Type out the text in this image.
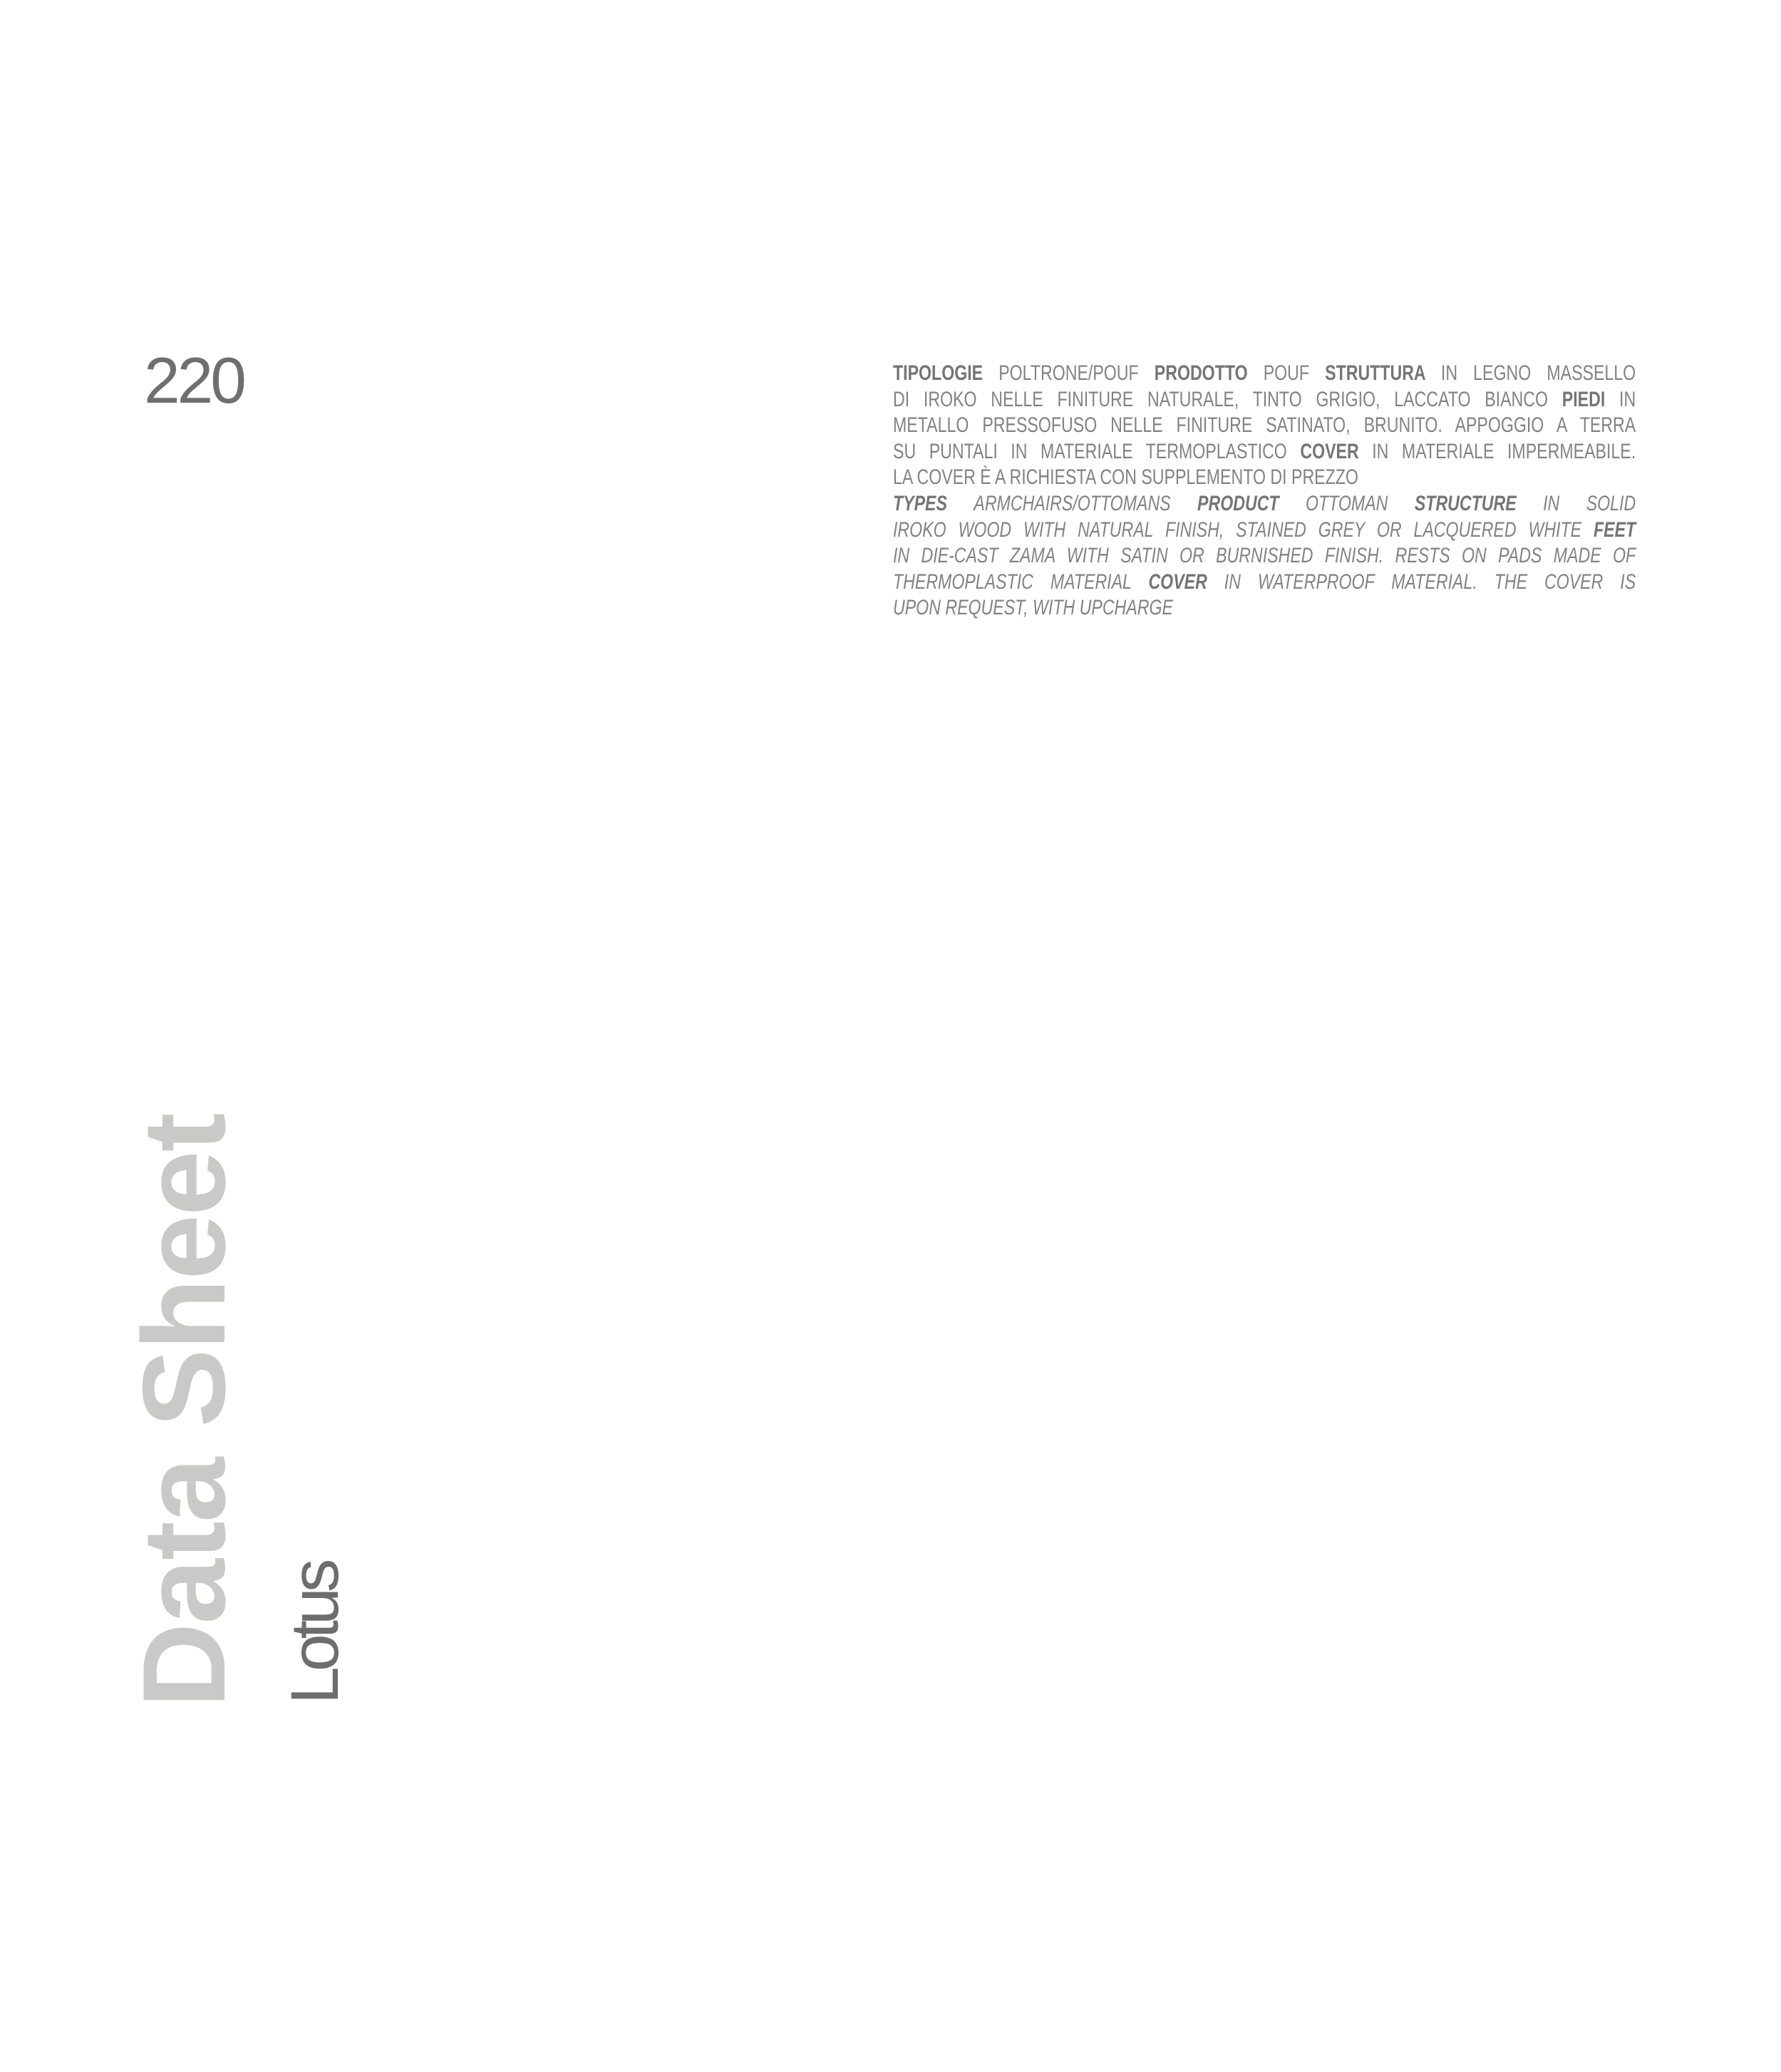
220	TIPOLOGIE POLTRONE/POUF PRODOTTO POUF STRUTTURA IN LEGNO MASSELLO
DI IROKO NELLE FINITURE NATURALE, TINTO GRIGIO, LACCATO BIANCO PIEDI IN
METALLO PRESSOFUSO NELLE FINITURE SATINATO, BRUNITO. APPOGGIO A TERRA
SU PUNTALI IN MATERIALE TERMOPLASTICO COVER IN MATERIALE IMPERMEABILE.
LA COVER È A RICHIESTA CON SUPPLEMENTO DI PREZZO

TYPES ARMCHAIRS/OTTOMANS PRODUCT OTTOMAN STRUCTURE IN SOLID
IROKO WOOD WITH NATURAL FINISH, STAINED GREY OR LACQUERED WHITE FEET
IN DIE-CAST ZAMA WITH SATIN OR BURNISHED FINISH. RESTS ON PADS MADE OF
THERMOPLASTIC MATERIAL COVER IN WATERPROOF MATERIAL. THE COVER IS
UPON REQUEST, WITH UPCHARGE

Data Sheet Lotus
